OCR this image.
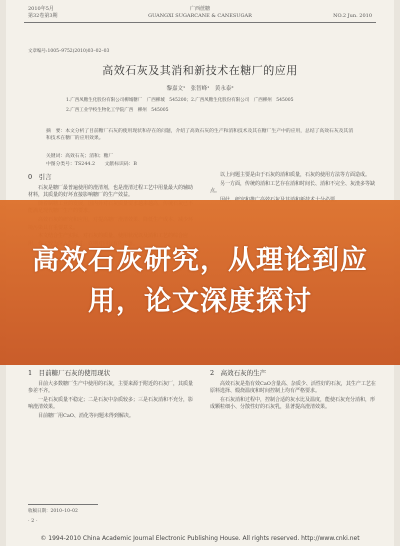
2010年5月
第32卷第3期
广西蔗糖
GUANGXI SUGARCANE & CANESUGAR	NO.2 Jun. 2010
文章编号:1005–9752(2010)03–02–03
高效石灰及其消和新技术在糖厂的应用
黎嘉文¹　张智峰¹　黄永泰²
1.广西凤糖生化股份有限公司柳城糖厂　广西柳城　545200；2.广西凤糖生化股份有限公司　广西柳州　545005
2.广西工业学校生物化工学院广西　柳州　545005
摘　要：本文分析了目前糖厂石灰的使用现状和存在的问题，介绍了高效石灰的生产和消和技术及其在糖厂生产中的应用，总结了高效石灰及其消和技术在糖厂的应用效果。
关键词：高效石灰；消和；糖厂
中图分类号：TS244.2　　文献标识码：B
0　引言

石灰是糖厂最普遍使用的澄清剂，也是澄清过程工艺中用量最大的辅助材料，其质量的好坏直接影响糖厂的生产效益。

1　目前糖厂石灰的使用现状

目前大多数糖厂生产中使用的石灰，主要来源于附近的石灰厂，其质量参差不齐。

一是石灰质量不稳定；二是石灰中杂质较多；三是石灰消和不充分，影响澄清效果。

目前糖厂用CaO、消化等问题未得到解决。

以上问题主要是由于石灰的消和质量，石灰的使用方法等方面造成。

另一方面，传统的消和工艺存在消和时间长、消和不完全、灰渣多等缺点。

2　高效石灰的生产

高效石灰是指有效CaO含量高、杂质少、活性好的石灰，其生产工艺在原料选择、煅烧温度和时间控制上均有严格要求。

在石灰消和过程中，控制合适的灰水比及温度，能使石灰充分消和，形成颗粒细小、分散性好的石灰乳，显著提高澄清效果。

收稿日期：2010–10–02
· 2 ·
高效石灰研究，从理论到应用，论文深度探讨
© 1994-2010 China Academic Journal Electronic Publishing House. All rights reserved. http://www.cnki.net
